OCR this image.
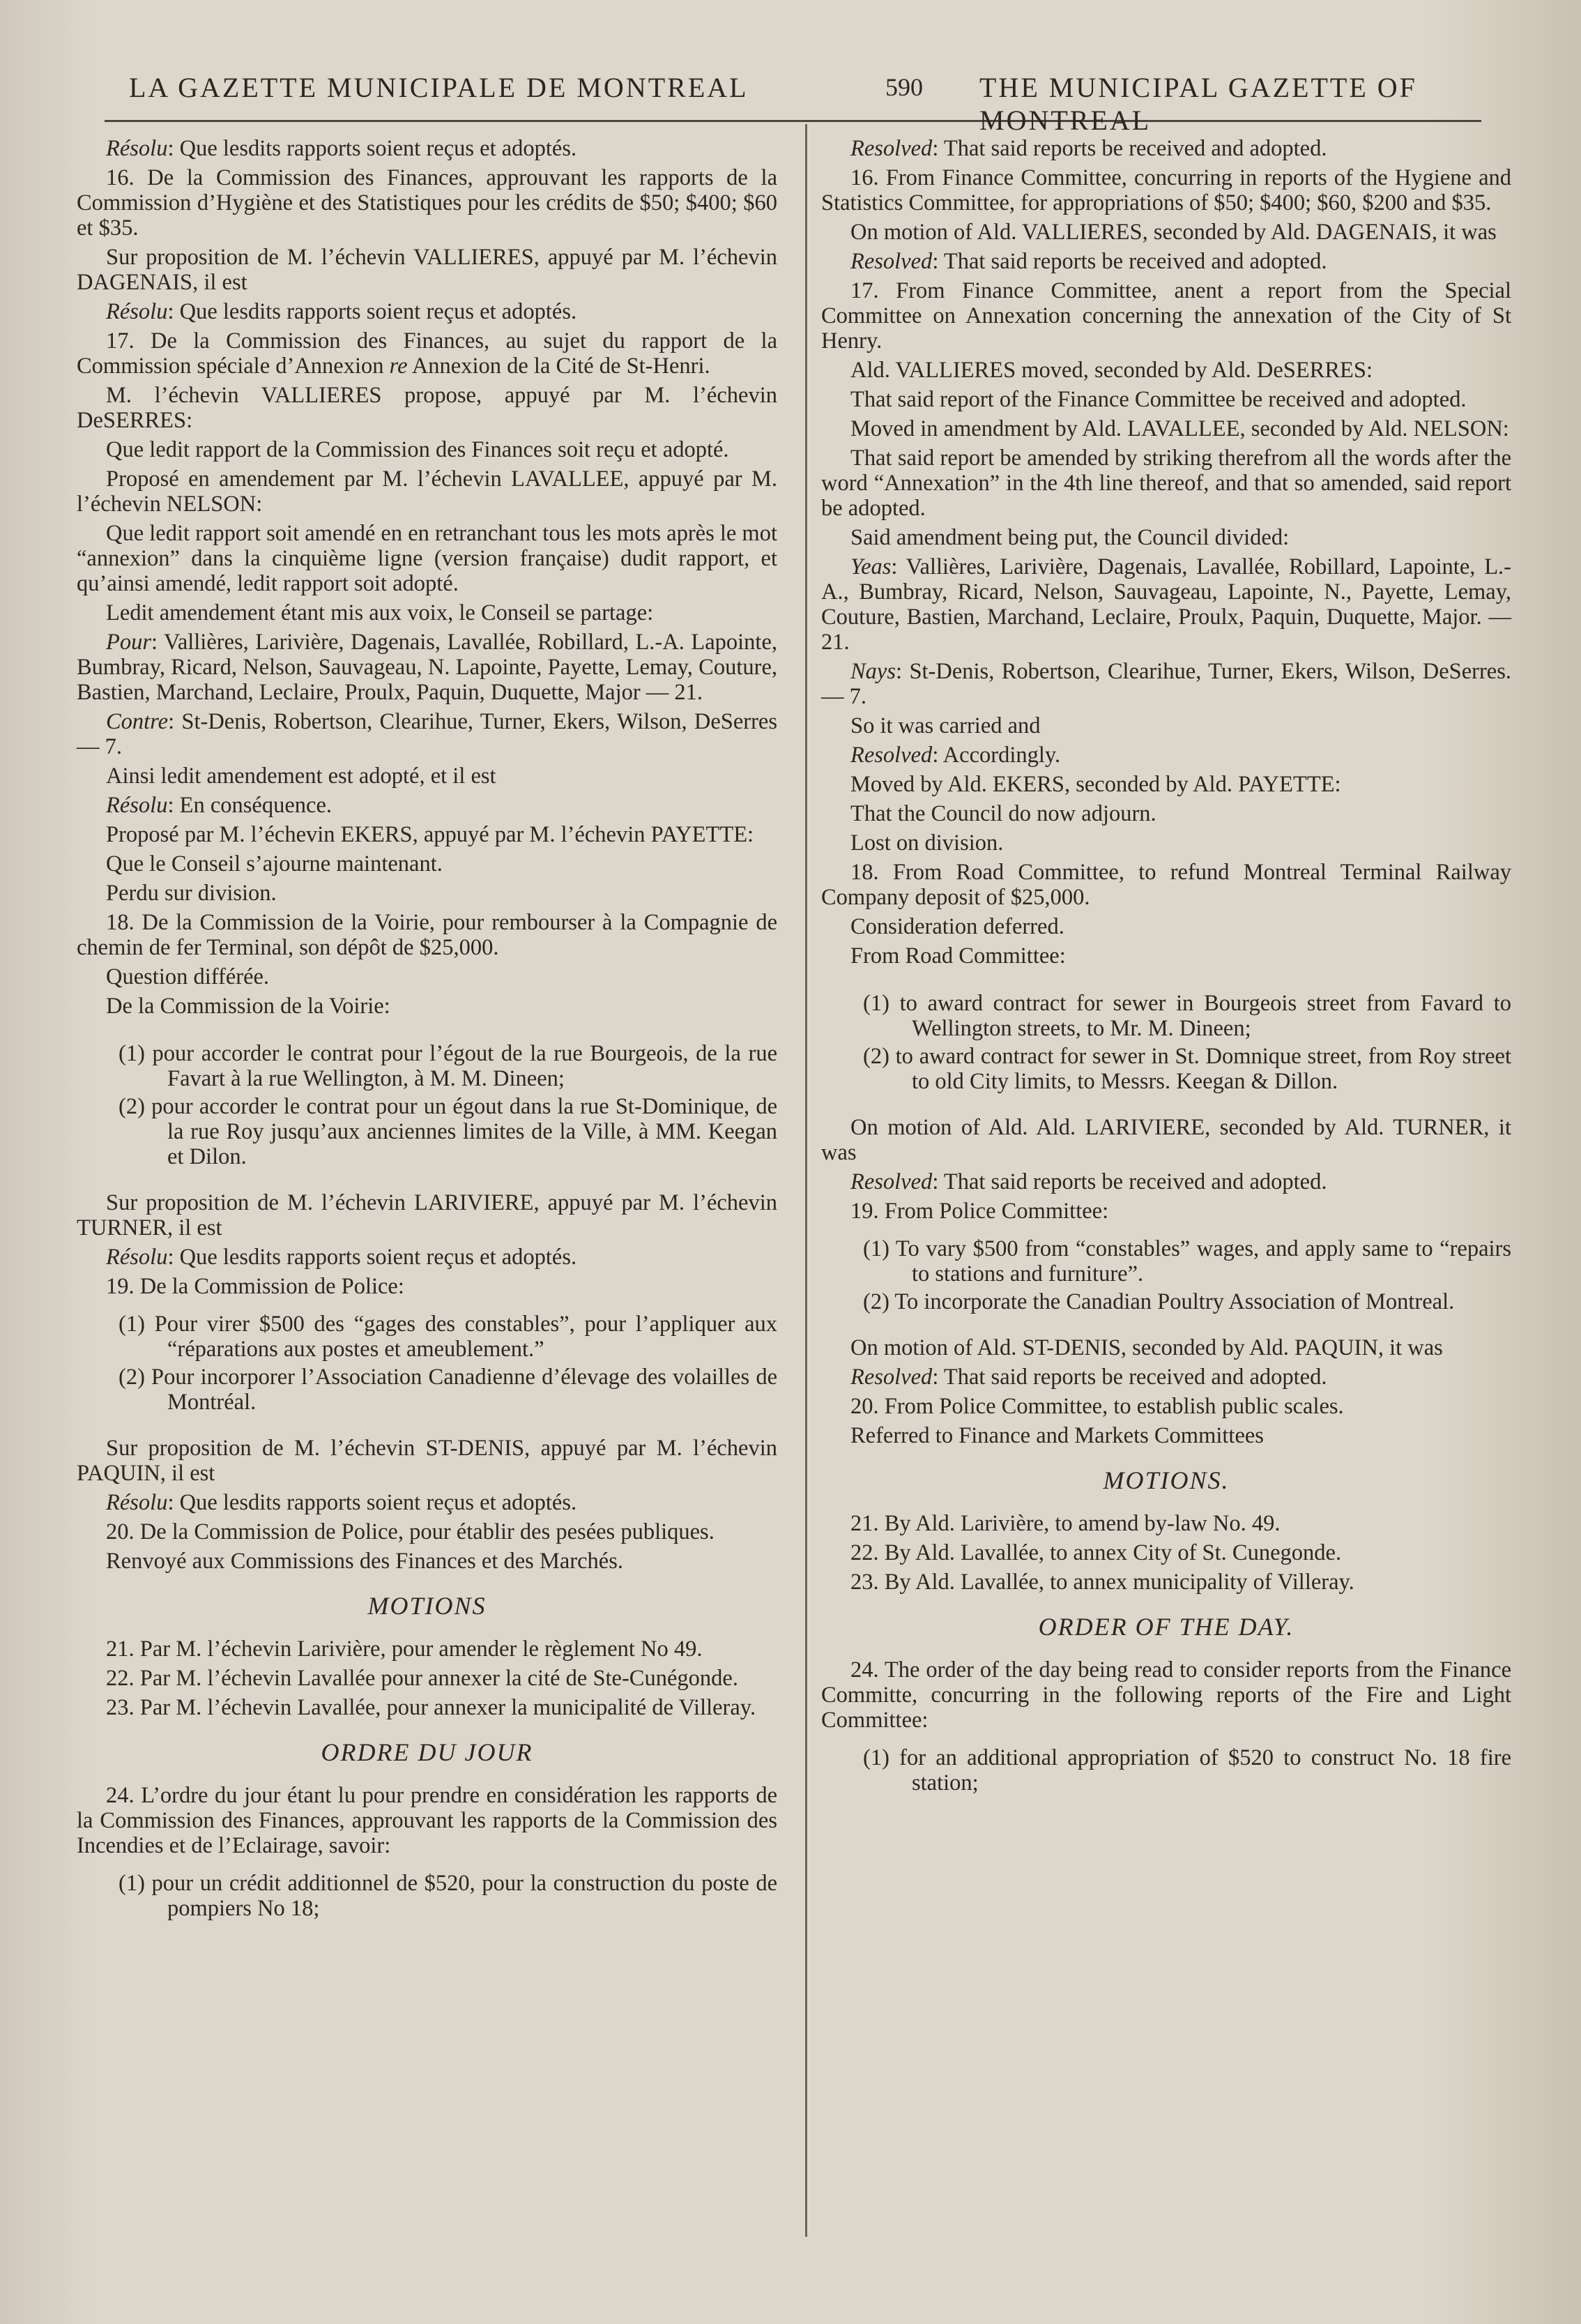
LA GAZETTE MUNICIPALE DE MONTREAL	590 THE MUNICIPAL GAZETTE OF MONTREAL

Résolu: Que lesdits rapports soient reçus et adoptés.

16. De la Commission des Finances, approuvant les rapports de la Commission d’Hygiène et des Statistiques pour les crédits de $50; $400; $60 et $35.

Sur proposition de M. l’échevin VALLIERES, appuyé par M. l’échevin DAGENAIS, il est

Résolu: Que lesdits rapports soient reçus et adoptés.

17. De la Commission des Finances, au sujet du rapport de la Commission spéciale d’Annexion re Annexion de la Cité de St-Henri.

M. l’échevin VALLIERES propose, appuyé par M. l’échevin DeSERRES:

Que ledit rapport de la Commission des Finances soit reçu et adopté.

Proposé en amendement par M. l’échevin LAVALLEE, appuyé par M. l’échevin NELSON:

Que ledit rapport soit amendé en en retranchant tous les mots après le mot “annexion” dans la cinquième ligne (version française) dudit rapport, et qu’ainsi amendé, ledit rapport soit adopté.

Ledit amendement étant mis aux voix, le Conseil se partage:

Pour: Vallières, Larivière, Dagenais, Lavallée, Robillard, L.-A. Lapointe, Bumbray, Ricard, Nelson, Sauvageau, N. Lapointe, Payette, Lemay, Couture, Bastien, Marchand, Leclaire, Proulx, Paquin, Duquette, Major — 21.

Contre: St-Denis, Robertson, Clearihue, Turner, Ekers, Wilson, DeSerres — 7.

Ainsi ledit amendement est adopté, et il est

Résolu: En conséquence.

Proposé par M. l’échevin EKERS, appuyé par M. l’échevin PAYETTE:

Que le Conseil s’ajourne maintenant.

Perdu sur division.

18. De la Commission de la Voirie, pour rembourser à la Compagnie de chemin de fer Terminal, son dépôt de $25,000.

Question différée.

De la Commission de la Voirie:

(1) pour accorder le contrat pour l’égout de la rue Bourgeois, de la rue Favart à la rue Wellington, à M. M. Dineen;

(2) pour accorder le contrat pour un égout dans la rue St-Dominique, de la rue Roy jusqu’aux anciennes limites de la Ville, à MM. Keegan et Dilon.

Sur proposition de M. l’échevin LARIVIERE, appuyé par M. l’échevin TURNER, il est

Résolu: Que lesdits rapports soient reçus et adoptés.

19. De la Commission de Police:

(1) Pour virer $500 des “gages des constables”, pour l’appliquer aux “réparations aux postes et ameublement.”

(2) Pour incorporer l’Association Canadienne d’élevage des volailles de Montréal.

Sur proposition de M. l’échevin ST-DENIS, appuyé par M. l’échevin PAQUIN, il est

Résolu: Que lesdits rapports soient reçus et adoptés.

20. De la Commission de Police, pour établir des pesées publiques.

Renvoyé aux Commissions des Finances et des Marchés.

MOTIONS

21. Par M. l’échevin Larivière, pour amender le règlement No 49.

22. Par M. l’échevin Lavallée pour annexer la cité de Ste-Cunégonde.

23. Par M. l’échevin Lavallée, pour annexer la municipalité de Villeray.

ORDRE DU JOUR

24. L’ordre du jour étant lu pour prendre en considération les rapports de la Commission des Finances, approuvant les rapports de la Commission des Incendies et de l’Eclairage, savoir:

(1) pour un crédit additionnel de $520, pour la construction du poste de pompiers No 18;

Resolved: That said reports be received and adopted.

16. From Finance Committee, concurring in reports of the Hygiene and Statistics Committee, for appropriations of $50; $400; $60, $200 and $35.

On motion of Ald. VALLIERES, seconded by Ald. DAGENAIS, it was

Resolved: That said reports be received and adopted.

17. From Finance Committee, anent a report from the Special Committee on Annexation concerning the annexation of the City of St Henry.

Ald. VALLIERES moved, seconded by Ald. DeSERRES:

That said report of the Finance Committee be received and adopted.

Moved in amendment by Ald. LAVALLEE, seconded by Ald. NELSON:

That said report be amended by striking therefrom all the words after the word “Annexation” in the 4th line thereof, and that so amended, said report be adopted.

Said amendment being put, the Council divided:

Yeas: Vallières, Larivière, Dagenais, Lavallée, Robillard, Lapointe, L.-A., Bumbray, Ricard, Nelson, Sauvageau, Lapointe, N., Payette, Lemay, Couture, Bastien, Marchand, Leclaire, Proulx, Paquin, Duquette, Major. — 21.

Nays: St-Denis, Robertson, Clearihue, Turner, Ekers, Wilson, DeSerres. — 7.

So it was carried and

Resolved: Accordingly.

Moved by Ald. EKERS, seconded by Ald. PAYETTE:

That the Council do now adjourn.

Lost on division.

18. From Road Committee, to refund Montreal Terminal Railway Company deposit of $25,000.

Consideration deferred.

From Road Committee:

(1) to award contract for sewer in Bourgeois street from Favard to Wellington streets, to Mr. M. Dineen;

(2) to award contract for sewer in St. Domnique street, from Roy street to old City limits, to Messrs. Keegan & Dillon.

On motion of Ald. Ald. LARIVIERE, seconded by Ald. TURNER, it was

Resolved: That said reports be received and adopted.

19. From Police Committee:

(1) To vary $500 from “constables” wages, and apply same to “repairs to stations and furniture”.

(2) To incorporate the Canadian Poultry Association of Montreal.

On motion of Ald. ST-DENIS, seconded by Ald. PAQUIN, it was

Resolved: That said reports be received and adopted.

20. From Police Committee, to establish public scales.

Referred to Finance and Markets Committees

MOTIONS.

21. By Ald. Larivière, to amend by-law No. 49.

22. By Ald. Lavallée, to annex City of St. Cunegonde.

23. By Ald. Lavallée, to annex municipality of Villeray.

ORDER OF THE DAY.

24. The order of the day being read to consider reports from the Finance Committe, concurring in the following reports of the Fire and Light Committee:

(1) for an additional appropriation of $520 to construct No. 18 fire station;
